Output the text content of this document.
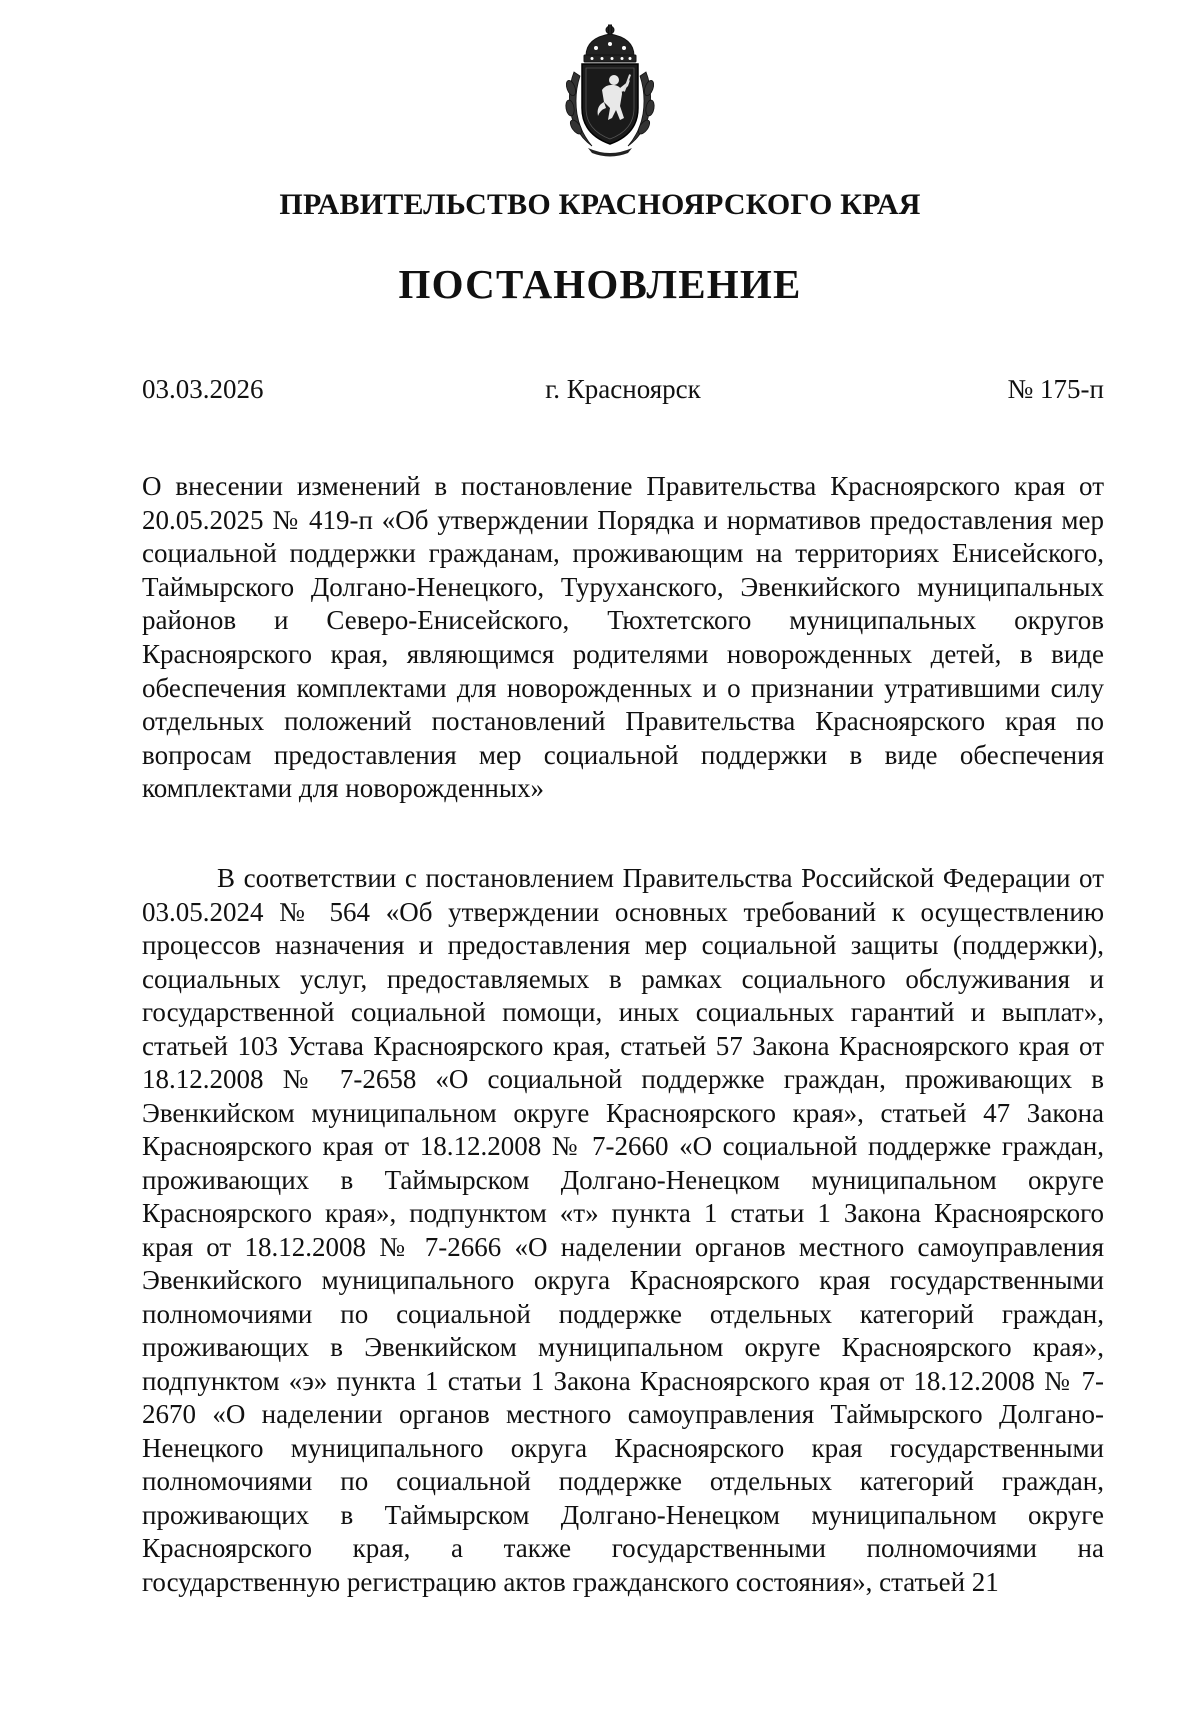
ПРАВИТЕЛЬСТВО КРАСНОЯРСКОГО КРАЯ
ПОСТАНОВЛЕНИЕ
03.03.2026	г. Красноярск	№ 175-п
О внесении изменений в постановление Правительства Красноярского края от 20.05.2025 № 419-п «Об утверждении Порядка и нормативов предоставления мер социальной поддержки гражданам, проживающим на территориях Енисейского, Таймырского Долгано-Ненецкого, Туруханского, Эвенкийского муниципальных районов и Северо-Енисейского, Тюхтетского муниципальных округов Красноярского края, являющимся родителями новорожденных детей, в виде обеспечения комплектами для новорожденных и о признании утратившими силу отдельных положений постановлений Правительства Красноярского края по вопросам предоставления мер социальной поддержки в виде обеспечения комплектами для новорожденных»
В соответствии с постановлением Правительства Российской Федерации от 03.05.2024 № 564 «Об утверждении основных требований к осуществлению процессов назначения и предоставления мер социальной защиты (поддержки), социальных услуг, предоставляемых в рамках социального обслуживания и государственной социальной помощи, иных социальных гарантий и выплат», статьей 103 Устава Красноярского края, статьей 57 Закона Красноярского края от 18.12.2008 № 7-2658 «О социальной поддержке граждан, проживающих в Эвенкийском муниципальном округе Красноярского края», статьей 47 Закона Красноярского края от 18.12.2008 № 7-2660 «О социальной поддержке граждан, проживающих в Таймырском Долгано-Ненецком муниципальном округе Красноярского края», подпунктом «т» пункта 1 статьи 1 Закона Красноярского края от 18.12.2008 № 7-2666 «О наделении органов местного самоуправления Эвенкийского муниципального округа Красноярского края государственными полномочиями по социальной поддержке отдельных категорий граждан, проживающих в Эвенкийском муниципальном округе Красноярского края», подпунктом «э» пункта 1 статьи 1 Закона Красноярского края от 18.12.2008 № 7-2670 «О наделении органов местного самоуправления Таймырского Долгано-Ненецкого муниципального округа Красноярского края государственными полномочиями по социальной поддержке отдельных категорий граждан, проживающих в Таймырском Долгано-Ненецком муниципальном округе Красноярского края, а также государственными полномочиями на государственную регистрацию актов гражданского состояния», статьей 21
